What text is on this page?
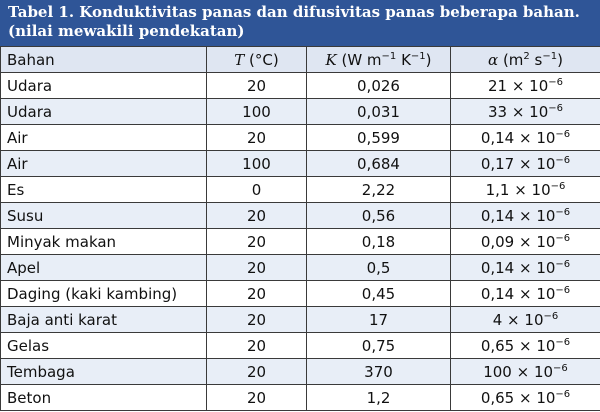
Tabel 1. Konduktivitas panas dan difusivitas panas beberapa bahan.
(nilai mewakili pendekatan)
Bahan	T (°C)	K (W $m^{-1}$ $K^{-1}$)	α ($m^2$ $s^{-1}$)
Udara	20	0,026	$21 \times 10^{-6}$
Udara	100	0,031	$33 \times 10^{-6}$
Air	20	0,599	$0,14 \times 10^{-6}$
Air	100	0,684	$0,17 \times 10^{-6}$
Es	0	2,22	$1,1 \times 10^{-6}$
Susu	20	0,56	$0,14 \times 10^{-6}$
Minyak makan	20	0,18	$0,09 \times 10^{-6}$
Apel	20	0,5	$0,14 \times 10^{-6}$
Daging (kaki kambing)	20	0,45	$0,14 \times 10^{-6}$
Baja anti karat	20	17	$4 \times 10^{-6}$
Gelas	20	0,75	$0,65 \times 10^{-6}$
Tembaga	20	370	$100 \times 10^{-6}$
Beton	20	1,2	$0,65 \times 10^{-6}$
